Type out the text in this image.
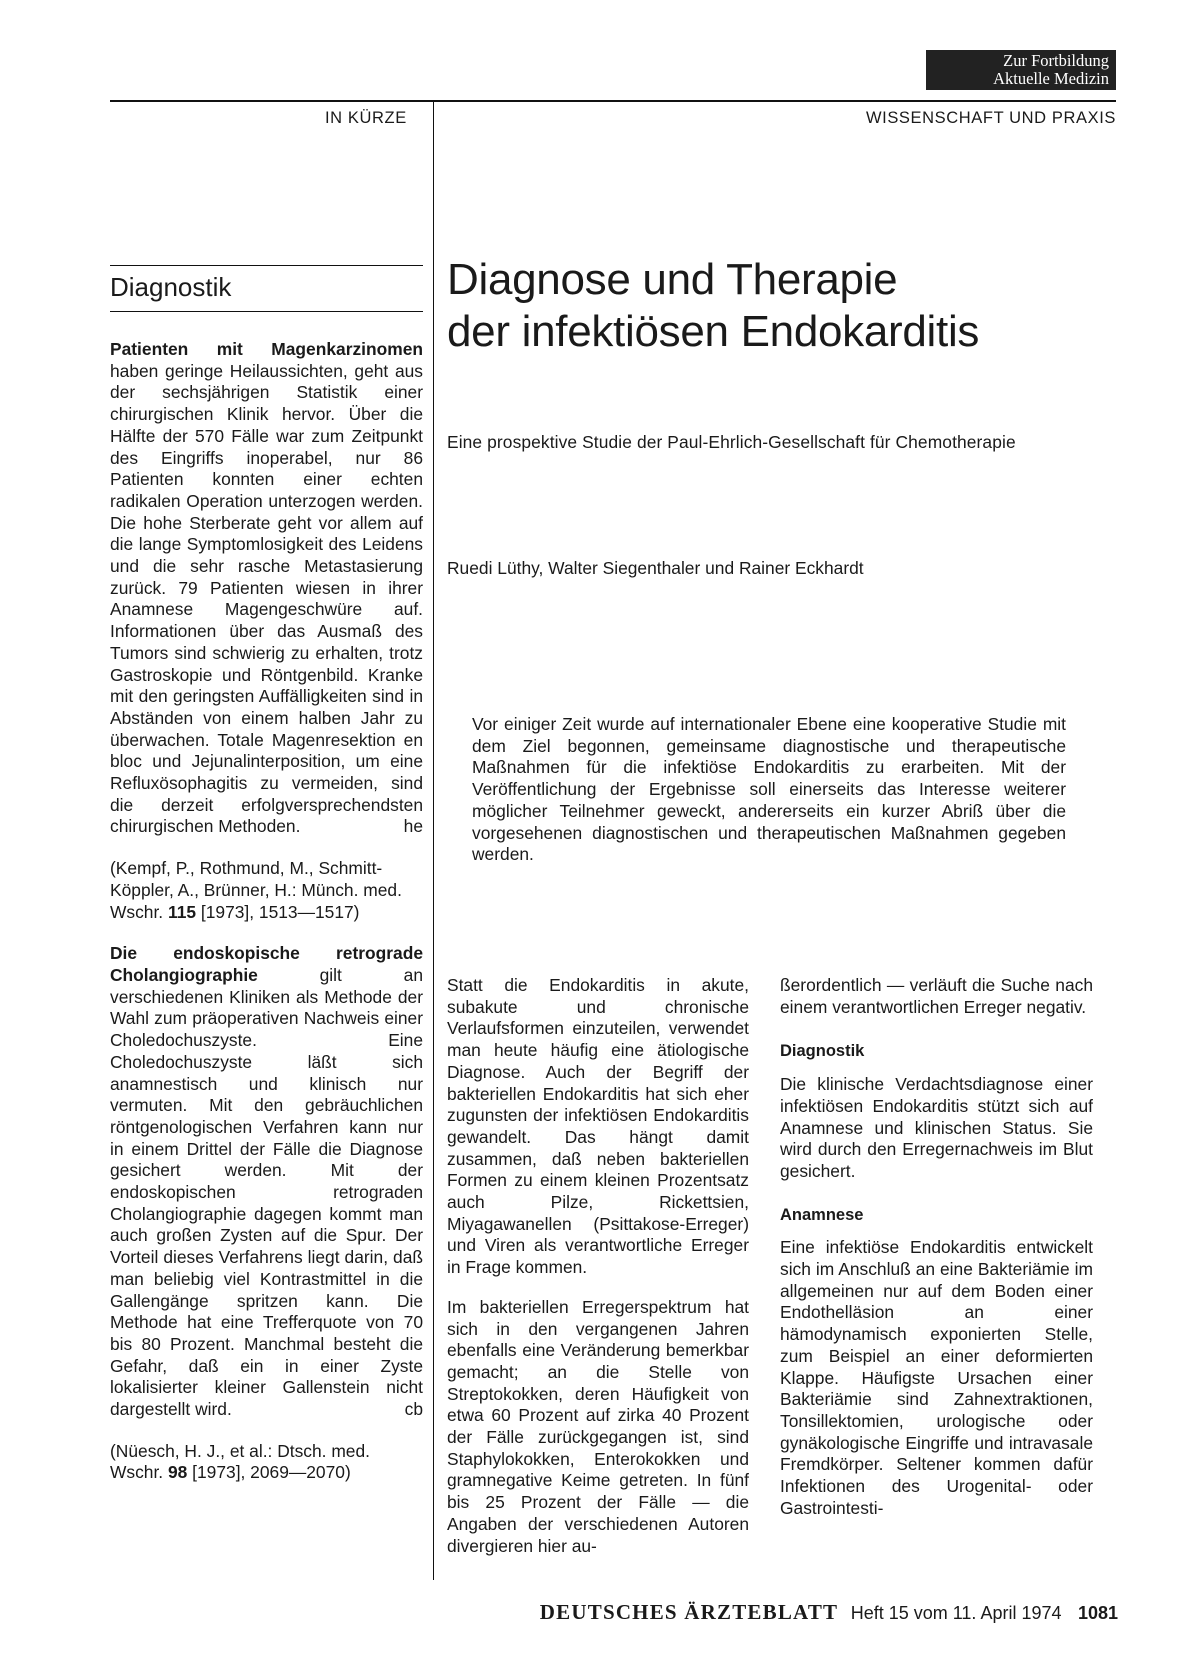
Zur Fortbildung
Aktuelle Medizin
IN KÜRZE	WISSENSCHAFT UND PRAXIS
Diagnostik

Patienten mit Magenkarzinomen haben geringe Heilaussichten, geht aus der sechsjährigen Statistik einer chirurgischen Klinik hervor. Über die Hälfte der 570 Fälle war zum Zeitpunkt des Eingriffs inoperabel, nur 86 Patienten konnten einer echten radikalen Operation unterzogen werden. Die hohe Sterberate geht vor allem auf die lange Symptomlosigkeit des Leidens und die sehr rasche Metastasierung zurück. 79 Patienten wiesen in ihrer Anamnese Magengeschwüre auf. Informationen über das Ausmaß des Tumors sind schwierig zu erhalten, trotz Gastroskopie und Röntgenbild. Kranke mit den geringsten Auffälligkeiten sind in Abständen von einem halben Jahr zu überwachen. Totale Magenresektion en bloc und Jejunalinterposition, um eine Refluxösophagitis zu vermeiden, sind die derzeit erfolgversprechendsten chirurgischen Methoden.	he

(Kempf, P., Rothmund, M., Schmitt-Köppler, A., Brünner, H.: Münch. med. Wschr. 115 [1973], 1513—1517)

Die endoskopische retrograde Cholangiographie	gilt an verschiedenen Kliniken als Methode der Wahl zum präoperativen Nachweis einer Choledochuszyste. Eine Choledochuszyste läßt sich anamnestisch und klinisch nur vermuten. Mit den gebräuchlichen röntgenologischen Verfahren kann nur in einem Drittel der Fälle die Diagnose gesichert werden. Mit der endoskopischen retrograden Cholangiographie dagegen kommt man auch großen Zysten auf die Spur. Der Vorteil dieses Verfahrens liegt darin, daß man beliebig viel Kontrastmittel in die Gallengänge spritzen kann. Die Methode hat eine Trefferquote von 70 bis 80 Prozent. Manchmal besteht die Gefahr, daß ein in einer Zyste lokalisierter kleiner Gallenstein nicht dargestellt wird.	cb

(Nüesch, H. J., et al.: Dtsch. med. Wschr. 98 [1973], 2069—2070)

Diagnose und Therapie
der infektiösen Endokarditis
Eine prospektive Studie der Paul-Ehrlich-Gesellschaft für Chemotherapie
Ruedi Lüthy, Walter Siegenthaler und Rainer Eckhardt
Vor einiger Zeit wurde auf internationaler Ebene eine kooperative Studie mit dem Ziel begonnen, gemeinsame diagnostische und therapeutische Maßnahmen für die infektiöse Endokarditis zu erarbeiten. Mit der Veröffentlichung der Ergebnisse soll einerseits das Interesse weiterer möglicher Teilnehmer geweckt, andererseits ein kurzer Abriß über die vorgesehenen diagnostischen und therapeutischen Maßnahmen gegeben werden.

Statt die Endokarditis in akute, subakute und chronische Verlaufsformen einzuteilen, verwendet man heute häufig eine ätiologische Diagnose. Auch der Begriff der bakteriellen Endokarditis hat sich eher zugunsten der infektiösen Endokarditis gewandelt. Das hängt damit zusammen, daß neben bakteriellen Formen zu einem kleinen Prozentsatz auch Pilze, Rickettsien, Miyagawanellen (Psittakose-Erreger) und Viren als verantwortliche Erreger in Frage kommen.

Im bakteriellen Erregerspektrum hat sich in den vergangenen Jahren ebenfalls eine Veränderung bemerkbar gemacht; an die Stelle von Streptokokken, deren Häufigkeit von etwa 60 Prozent auf zirka 40 Prozent der Fälle zurückgegangen ist, sind Staphylokokken, Enterokokken und gramnegative Keime getreten. In fünf bis 25 Prozent der Fälle — die Angaben der verschiedenen Autoren divergieren hier au-

ßerordentlich — verläuft die Suche nach einem verantwortlichen Erreger negativ.

Diagnostik

Die klinische Verdachtsdiagnose einer infektiösen Endokarditis stützt sich auf Anamnese und klinischen Status. Sie wird durch den Erregernachweis im Blut gesichert.

Anamnese

Eine infektiöse Endokarditis entwickelt sich im Anschluß an eine Bakteriämie im allgemeinen nur auf dem Boden einer Endothelläsion an einer hämodynamisch exponierten Stelle, zum Beispiel an einer deformierten Klappe. Häufigste Ursachen einer Bakteriämie sind Zahnextraktionen, Tonsillektomien, urologische oder gynäkologische Eingriffe und intravasale Fremdkörper. Seltener kommen dafür Infektionen des Urogenital- oder Gastrointesti-

DEUTSCHES ÄRZTEBLATT Heft 15 vom 11. April 1974 1081
